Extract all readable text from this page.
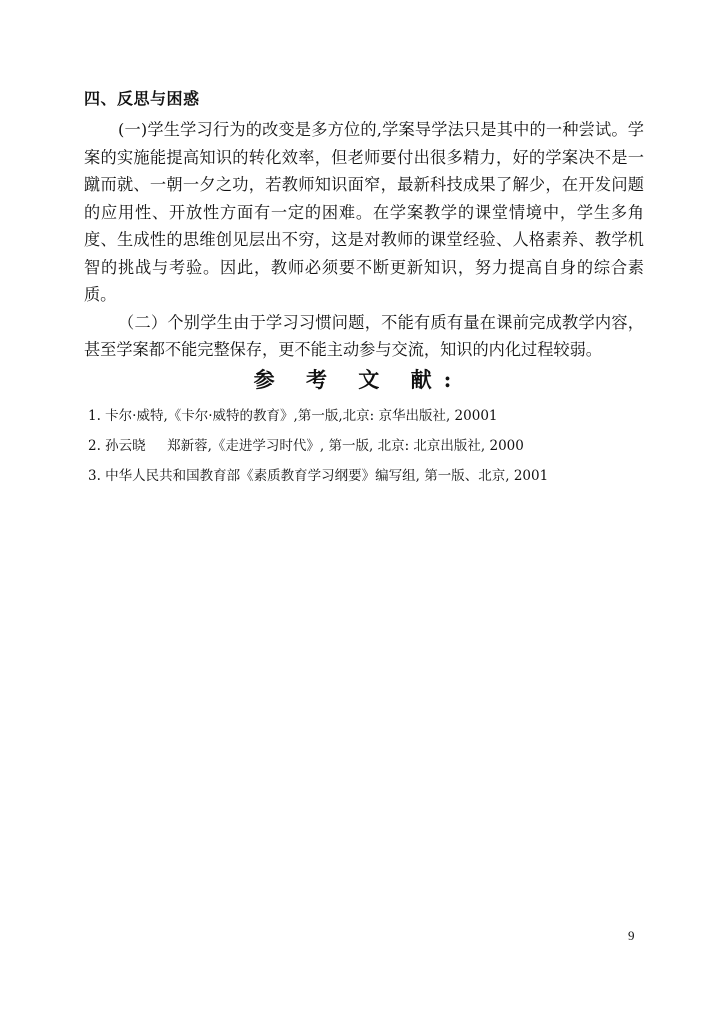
四、反思与困惑

(一)学生学习行为的改变是多方位的,学案导学法只是其中的一种尝试。学案的实施能提高知识的转化效率，但老师要付出很多精力，好的学案决不是一蹴而就、一朝一夕之功，若教师知识面窄，最新科技成果了解少，在开发问题的应用性、开放性方面有一定的困难。在学案教学的课堂情境中，学生多角度、生成性的思维创见层出不穷，这是对教师的课堂经验、人格素养、教学机智的挑战与考验。因此，教师必须要不断更新知识，努力提高自身的综合素质。

（二）个别学生由于学习习惯问题，不能有质有量在课前完成教学内容，甚至学案都不能完整保存，更不能主动参与交流，知识的内化过程较弱。

参 考 文 献:
1. 卡尔·威特,《卡尔·威特的教育》,第一版,北京: 京华出版社, 20001
2. 孙云晓     郑新蓉,《走进学习时代》, 第一版, 北京: 北京出版社, 2000
3. 中华人民共和国教育部《素质教育学习纲要》编写组, 第一版、北京, 2001
9
